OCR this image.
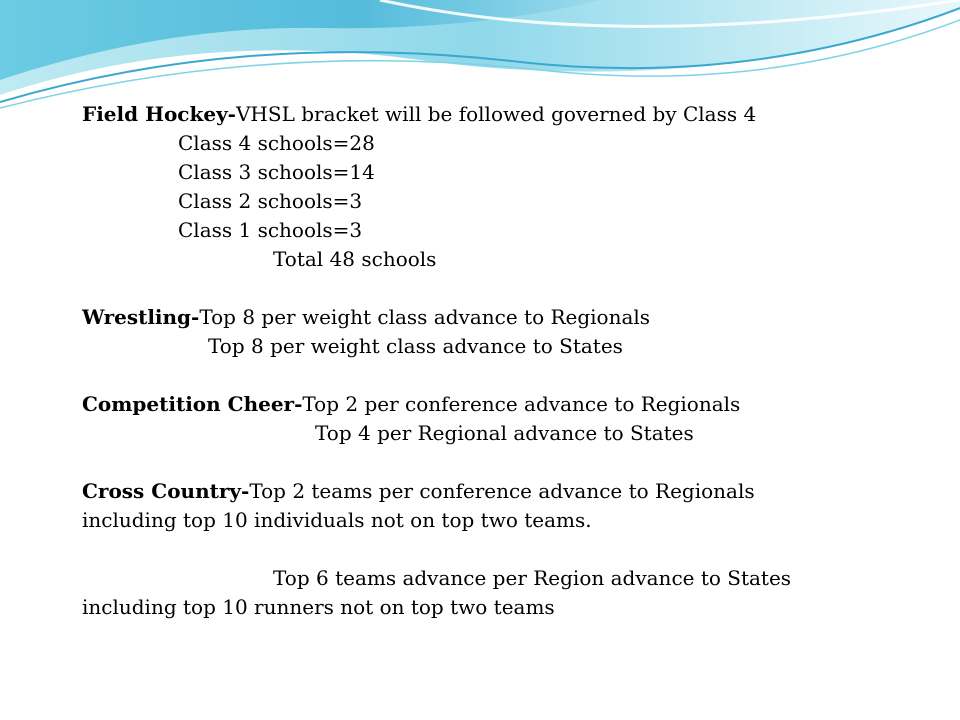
Field Hockey-VHSL bracket will be followed governed by Class 4
Class 4 schools=28
Class 3 schools=14
Class 2 schools=3
Class 1 schools=3
Total 48 schools
Wrestling-Top 8 per weight class advance to Regionals
Top 8 per weight class advance to States
Competition Cheer-Top 2 per conference advance to Regionals
Top 4 per Regional advance to States
Cross Country-Top 2 teams per conference advance to Regionals
including top 10 individuals not on top two teams.
Top 6 teams advance per Region advance to States
including top 10 runners not on top two teams
